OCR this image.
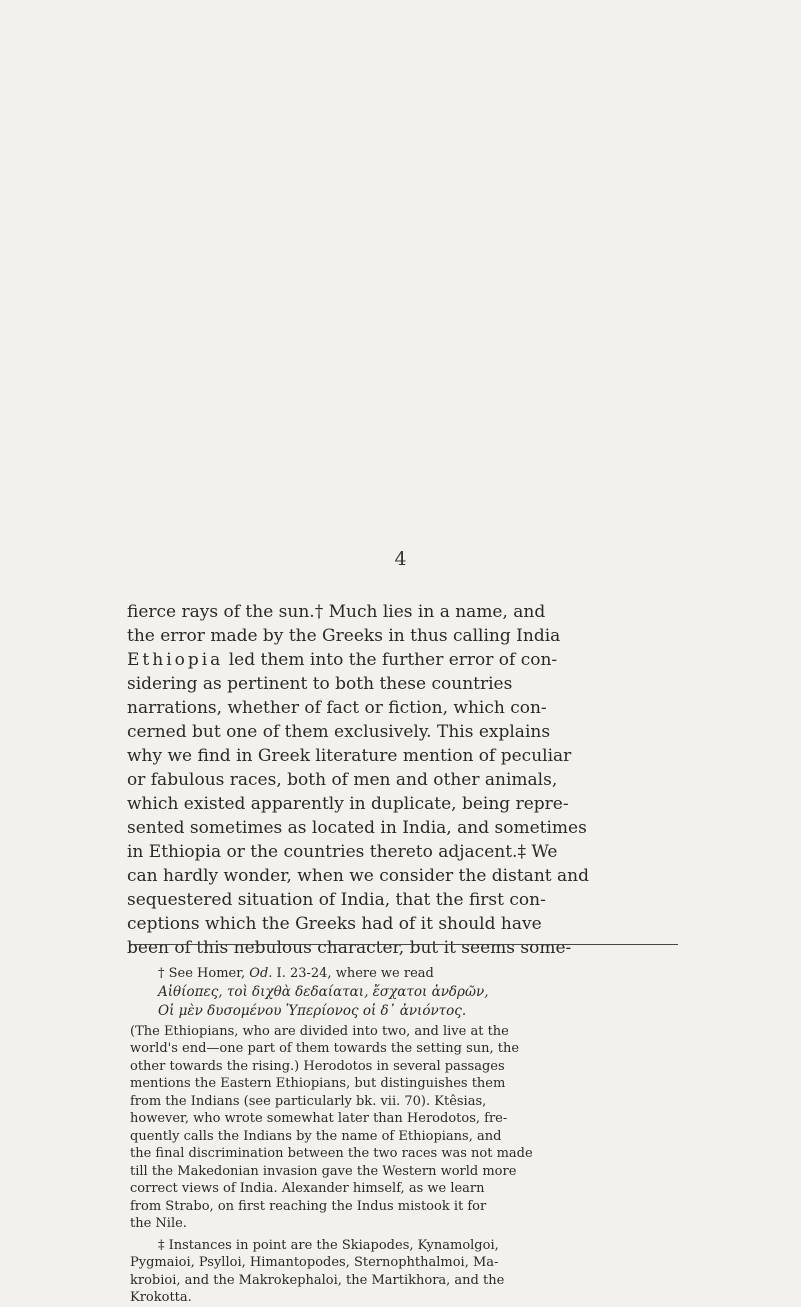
4

fierce rays of the sun.† Much lies in a name, and

the error made by the Greeks in thus calling India

Ethiopia led them into the further error of con-

sidering as pertinent to both these countries

narrations, whether of fact or fiction, which con-

cerned but one of them exclusively. This explains

why we find in Greek literature mention of peculiar

or fabulous races, both of men and other animals,

which existed apparently in duplicate, being repre-

sented sometimes as located in India, and sometimes

in Ethiopia or the countries thereto adjacent.‡ We

can hardly wonder, when we consider the distant and

sequestered situation of India, that the first con-

ceptions which the Greeks had of it should have

been of this nebulous character, but it seems some-

† See Homer, Od. I. 23-24, where we read

Αἰθίοπες, τοὶ διχθὰ δεδαίαται, ἔσχατοι ἀνδρῶν,

Οἱ μὲν δυσομένου Ὑπερίονος οἱ δ᾽ ἀνιόντος.

(The Ethiopians, who are divided into two, and live at the

world's end—one part of them towards the setting sun, the

other towards the rising.) Herodotos in several passages

mentions the Eastern Ethiopians, but distinguishes them

from the Indians (see particularly bk. vii. 70). Ktêsias,

however, who wrote somewhat later than Herodotos, fre-

quently calls the Indians by the name of Ethiopians, and

the final discrimination between the two races was not made

till the Makedonian invasion gave the Western world more

correct views of India. Alexander himself, as we learn

from Strabo, on first reaching the Indus mistook it for

the Nile.

‡ Instances in point are the Skiapodes, Kynamolgoi,

Pygmaioi, Psylloi, Himantopodes, Sternophthalmoi, Ma-

krobioi, and the Makrokephaloi, the Martikhora, and the

Krokotta.
